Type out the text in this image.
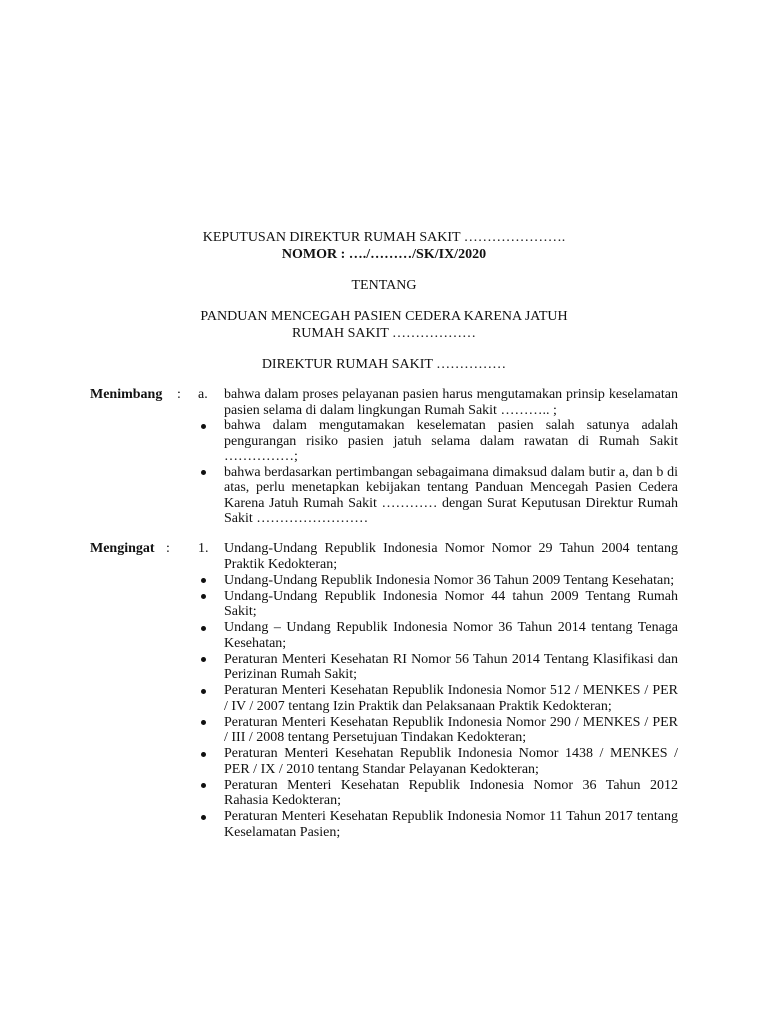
KEPUTUSAN DIREKTUR RUMAH SAKIT ………………….
NOMOR : …./………/SK/IX/2020
TENTANG
PANDUAN MENCEGAH PASIEN CEDERA KARENA JATUH
RUMAH SAKIT ………………
DIREKTUR RUMAH SAKIT ……………
Menimbang : a.	bahwa dalam proses pelayanan pasien harus mengutamakan prinsip keselamatan pasien selama di dalam lingkungan Rumah Sakit ……….. ;
bahwa dalam mengutamakan keselematan pasien salah satunya adalah pengurangan risiko pasien jatuh selama dalam rawatan di Rumah Sakit ……………;
bahwa berdasarkan pertimbangan sebagaimana dimaksud dalam butir a, dan b di atas, perlu menetapkan kebijakan tentang Panduan Mencegah Pasien Cedera Karena Jatuh Rumah Sakit ………… dengan Surat Keputusan Direktur Rumah Sakit ……………………
Mengingat : 1.	Undang-Undang Republik Indonesia Nomor Nomor 29 Tahun 2004 tentang Praktik Kedokteran;
Undang-Undang Republik Indonesia Nomor 36 Tahun 2009 Tentang Kesehatan;
Undang-Undang Republik Indonesia Nomor 44 tahun 2009 Tentang Rumah Sakit;
Undang – Undang Republik Indonesia Nomor 36 Tahun 2014 tentang Tenaga Kesehatan;
Peraturan Menteri Kesehatan RI Nomor 56 Tahun 2014 Tentang Klasifikasi dan Perizinan Rumah Sakit;
Peraturan Menteri Kesehatan Republik Indonesia Nomor 512 / MENKES / PER / IV / 2007 tentang Izin Praktik dan Pelaksanaan Praktik Kedokteran;
Peraturan Menteri Kesehatan Republik Indonesia Nomor 290 / MENKES / PER / III / 2008 tentang Persetujuan Tindakan Kedokteran;
Peraturan Menteri Kesehatan Republik Indonesia Nomor 1438 / MENKES / PER / IX / 2010 tentang Standar Pelayanan Kedokteran;
Peraturan Menteri Kesehatan Republik Indonesia Nomor 36 Tahun 2012 Rahasia Kedokteran;
Peraturan Menteri Kesehatan Republik Indonesia Nomor 11 Tahun 2017 tentang Keselamatan Pasien;
